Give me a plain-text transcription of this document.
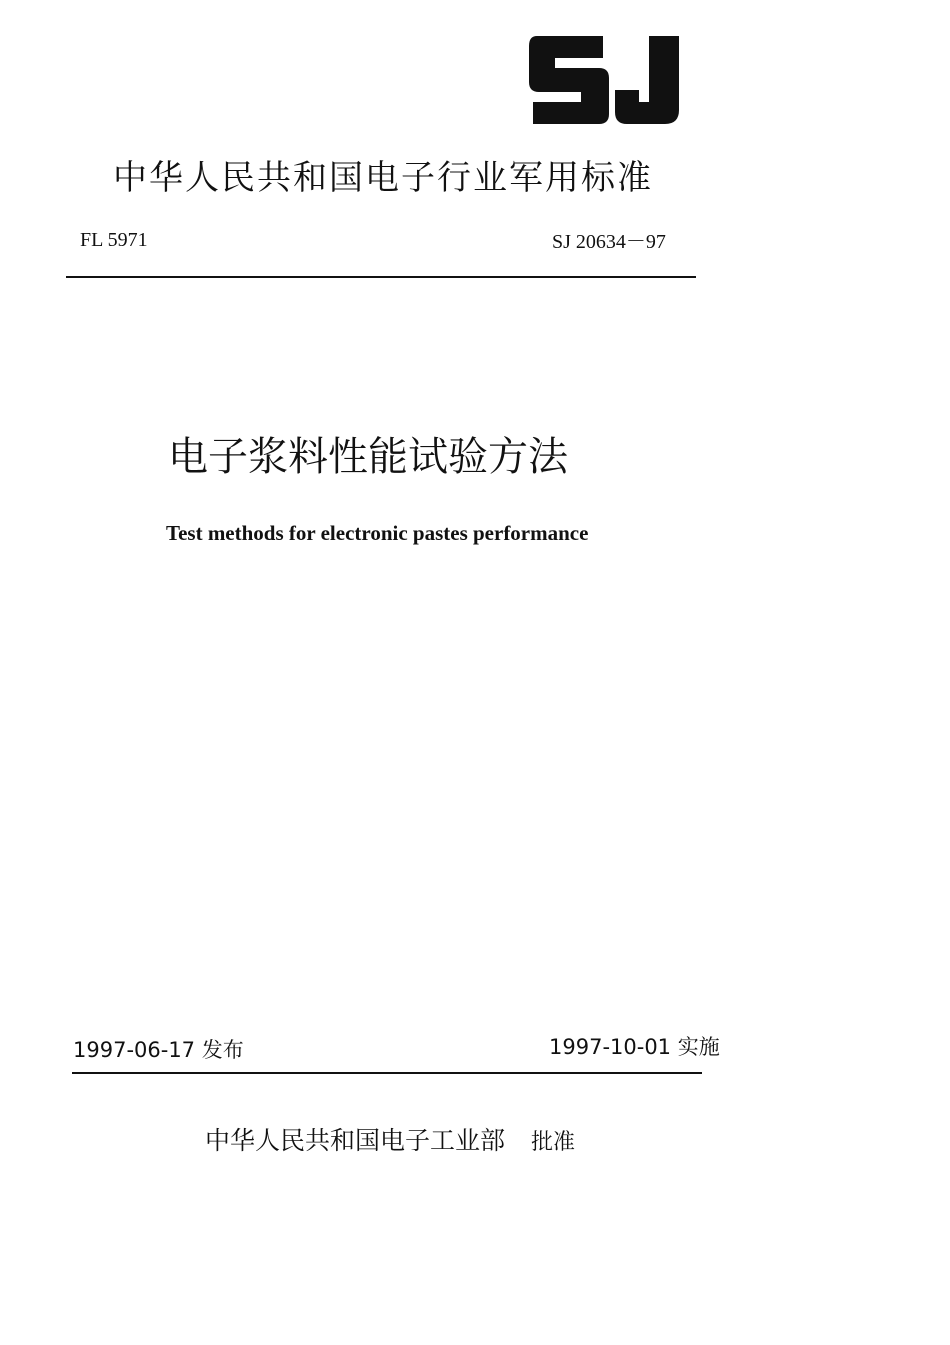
中华人民共和国电子行业军用标准
FL 5971	SJ 20634－97
电子浆料性能试验方法
Test methods for electronic pastes performance
1997-06-17 发布	1997-10-01 实施
中华人民共和国电子工业部 批准
